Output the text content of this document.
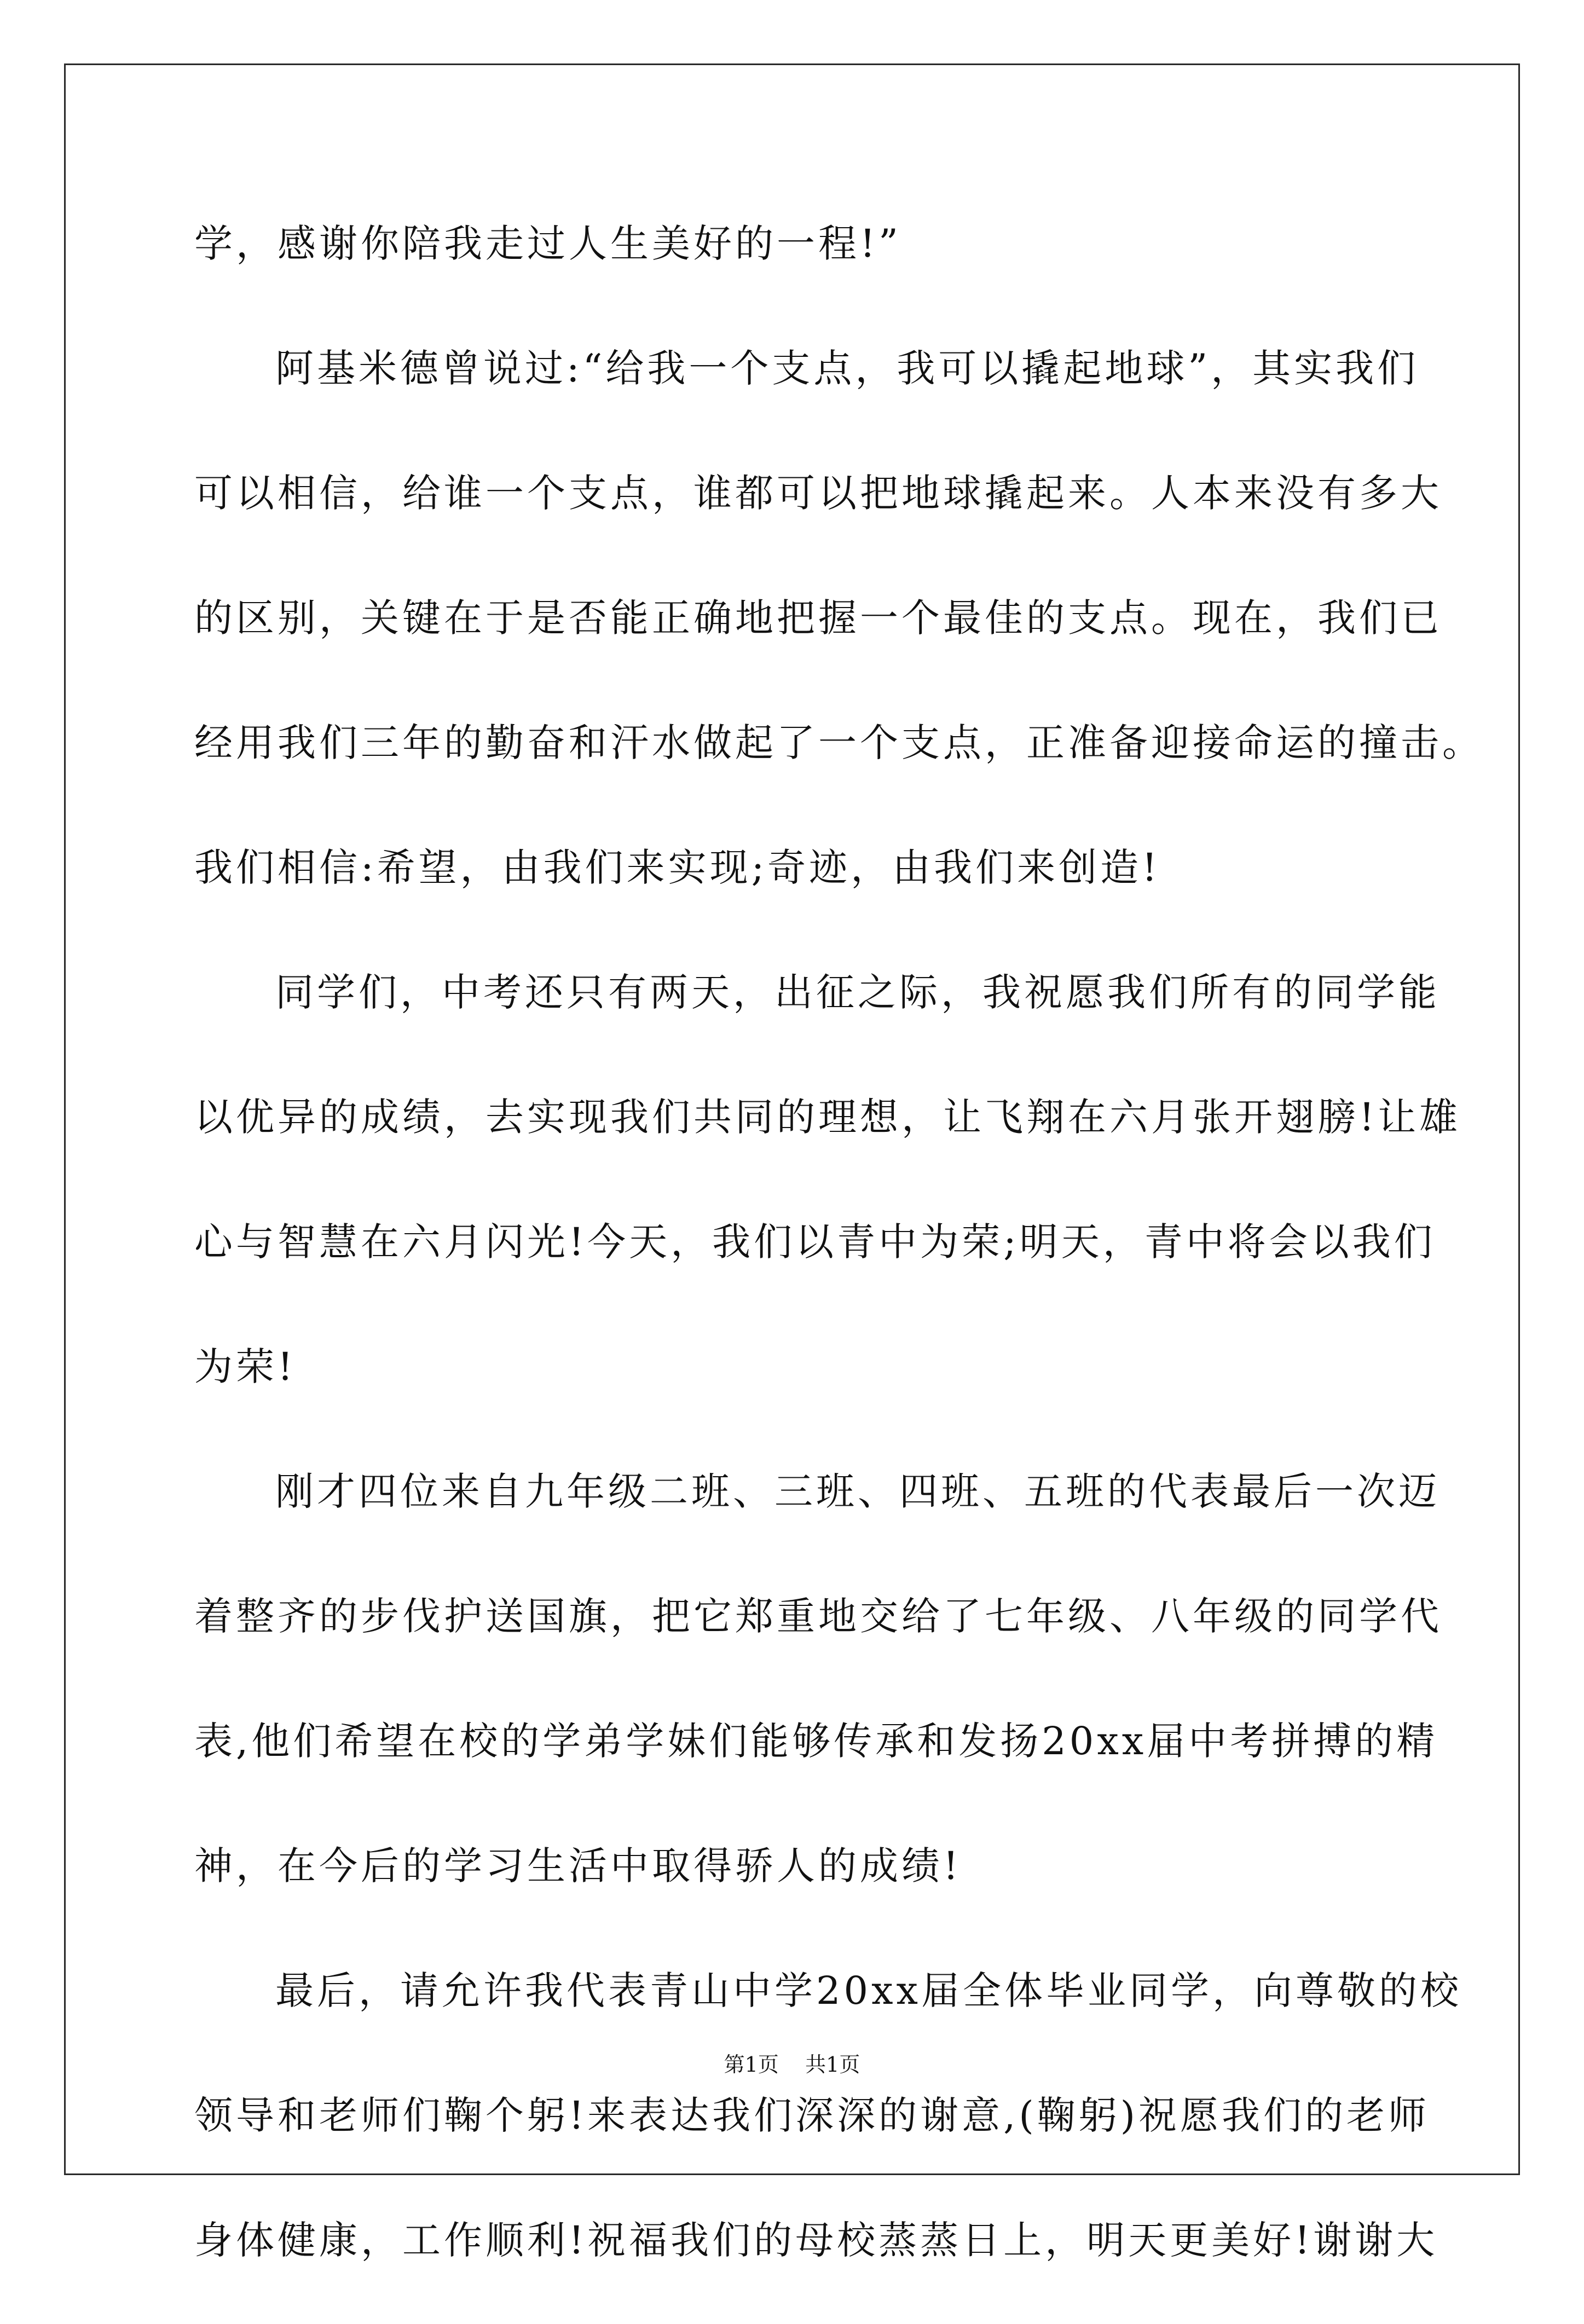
学，感谢你陪我走过人生美好的一程!”
阿基米德曾说过:“给我一个支点，我可以撬起地球”，其实我们
可以相信，给谁一个支点，谁都可以把地球撬起来。人本来没有多大
的区别，关键在于是否能正确地把握一个最佳的支点。现在，我们已
经用我们三年的勤奋和汗水做起了一个支点，正准备迎接命运的撞击。
我们相信:希望，由我们来实现;奇迹，由我们来创造!
同学们，中考还只有两天，出征之际，我祝愿我们所有的同学能
以优异的成绩，去实现我们共同的理想，让飞翔在六月张开翅膀!让雄
心与智慧在六月闪光!今天，我们以青中为荣;明天，青中将会以我们
为荣!
刚才四位来自九年级二班、三班、四班、五班的代表最后一次迈
着整齐的步伐护送国旗，把它郑重地交给了七年级、八年级的同学代
表,他们希望在校的学弟学妹们能够传承和发扬20xx届中考拼搏的精
神，在今后的学习生活中取得骄人的成绩!
最后，请允许我代表青山中学20xx届全体毕业同学，向尊敬的校
领导和老师们鞠个躬!来表达我们深深的谢意,(鞠躬)祝愿我们的老师
身体健康，工作顺利!祝福我们的母校蒸蒸日上，明天更美好!谢谢大
第1页 共1页
